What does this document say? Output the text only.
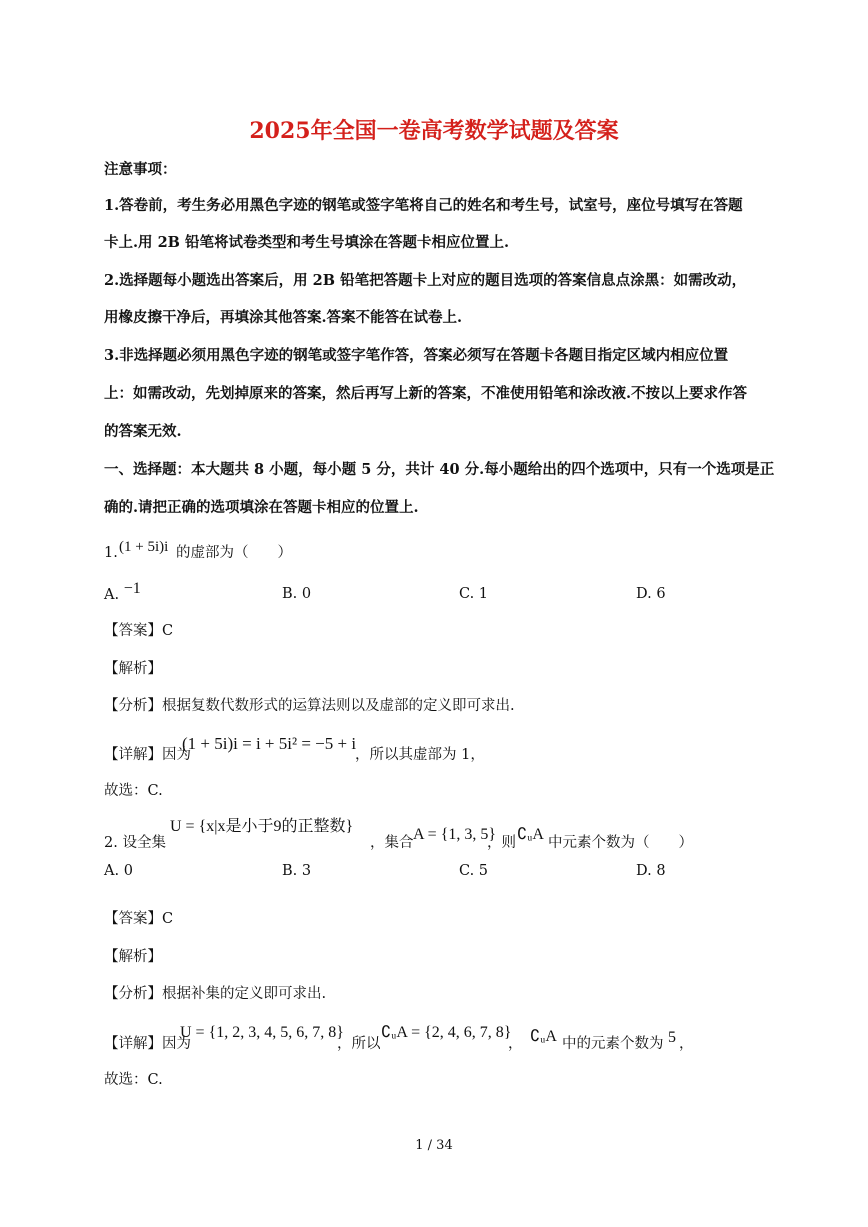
2025年全国一卷高考数学试题及答案
注意事项：
1.答卷前，考生务必用黑色字迹的钢笔或签字笔将自己的姓名和考生号，试室号，座位号填写在答题
卡上.用 2B 铅笔将试卷类型和考生号填涂在答题卡相应位置上.
2.选择题每小题选出答案后，用 2B 铅笔把答题卡上对应的题目选项的答案信息点涂黑：如需改动，
用橡皮擦干净后，再填涂其他答案.答案不能答在试卷上.
3.非选择题必须用黑色字迹的钢笔或签字笔作答，答案必须写在答题卡各题目指定区域内相应位置
上：如需改动，先划掉原来的答案，然后再写上新的答案，不准使用铅笔和涂改液.不按以上要求作答
的答案无效.
一、选择题：本大题共 8 小题，每小题 5 分，共计 40 分.每小题给出的四个选项中，只有一个选项是正
确的.请把正确的选项填涂在答题卡相应的位置上.
1. (1 + 5i)i 的虚部为（　　）
A. −1	B. 0	C. 1	D. 6
【答案】C
【解析】
【分析】根据复数代数形式的运算法则以及虚部的定义即可求出.
【详解】因为
(1 + 5i)i = i + 5i² = −5 + i
，所以其虚部为 1，
故选：C.
2. 设全集
U = {x|x是小于9的正整数}
，集合 A = {1, 3, 5}
，则 ∁ᵤA 中元素个数为（　　）
A. 0	B. 3	C. 5	D. 8
【答案】C
【解析】
【分析】根据补集的定义即可求出.
【详解】因为
U = {1, 2, 3, 4, 5, 6, 7, 8}
，所以
∁ᵤA = {2, 4, 6, 7, 8}
， ∁ᵤA 中的元素个数为 5 ，
故选：C.
1 / 34
